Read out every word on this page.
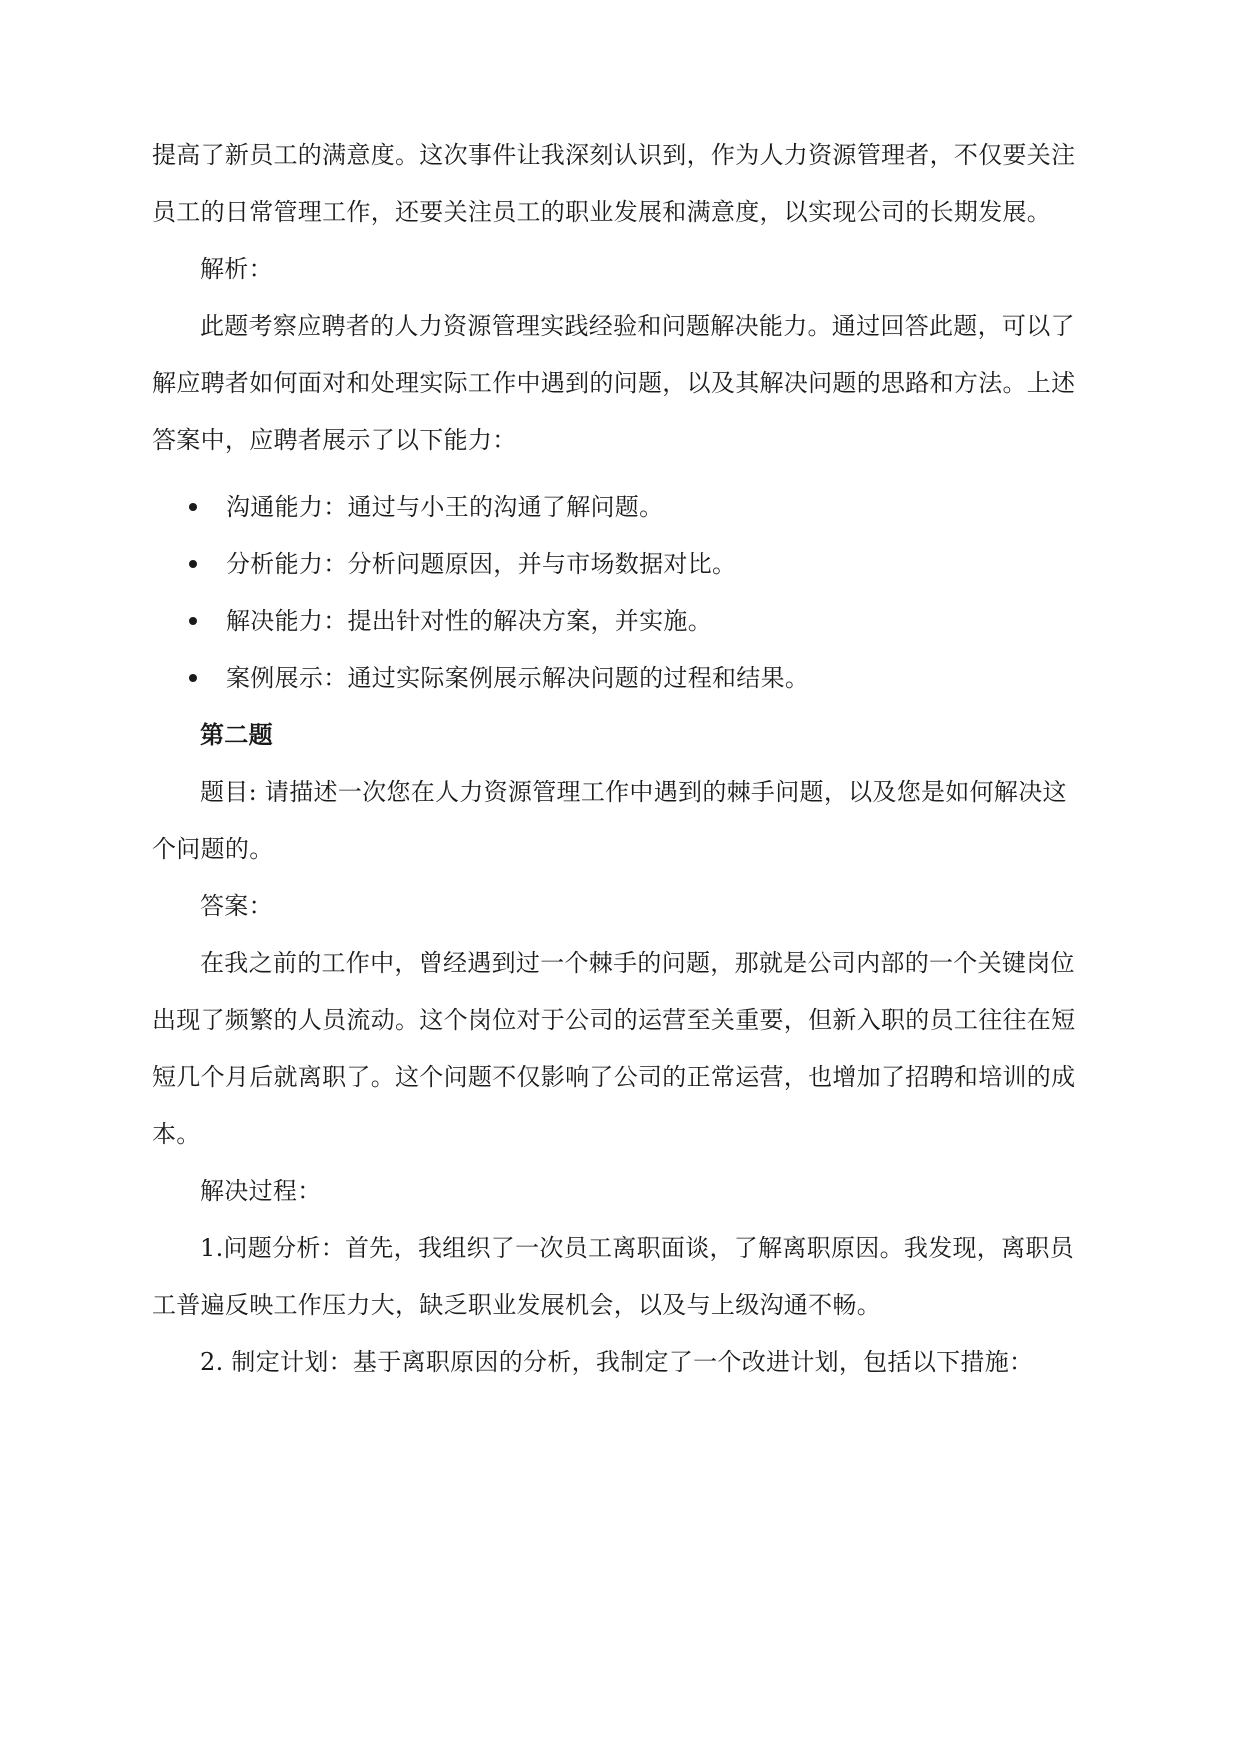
提高了新员工的满意度。这次事件让我深刻认识到，作为人力资源管理者，不仅要关注
员工的日常管理工作，还要关注员工的职业发展和满意度，以实现公司的长期发展。
解析：
此题考察应聘者的人力资源管理实践经验和问题解决能力。通过回答此题，可以了
解应聘者如何面对和处理实际工作中遇到的问题，以及其解决问题的思路和方法。上述
答案中，应聘者展示了以下能力：
沟通能力：通过与小王的沟通了解问题。
分析能力：分析问题原因，并与市场数据对比。
解决能力：提出针对性的解决方案，并实施。
案例展示：通过实际案例展示解决问题的过程和结果。
第二题
题目: 请描述一次您在人力资源管理工作中遇到的棘手问题，以及您是如何解决这
个问题的。
答案：
在我之前的工作中，曾经遇到过一个棘手的问题，那就是公司内部的一个关键岗位
出现了频繁的人员流动。这个岗位对于公司的运营至关重要，但新入职的员工往往在短
短几个月后就离职了。这个问题不仅影响了公司的正常运营，也增加了招聘和培训的成
本。
解决过程：
1.问题分析：首先，我组织了一次员工离职面谈，了解离职原因。我发现，离职员
工普遍反映工作压力大，缺乏职业发展机会，以及与上级沟通不畅。
2. 制定计划：基于离职原因的分析，我制定了一个改进计划，包括以下措施：
